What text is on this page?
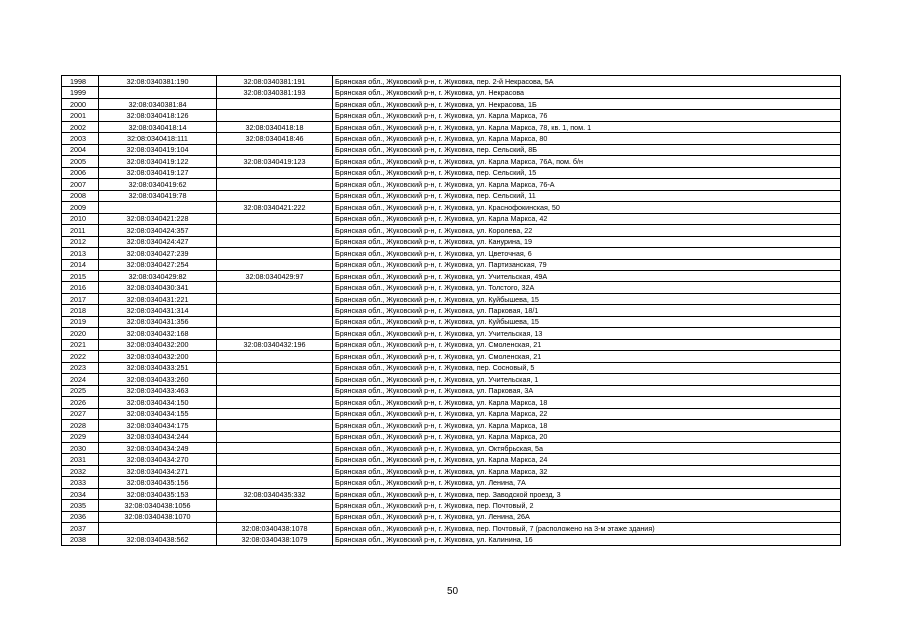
1998	32:08:0340381:190	32:08:0340381:191	Брянская обл., Жуковский р-н, г. Жуковка, пер. 2-й Некрасова, 5А
1999		32:08:0340381:193	Брянская обл., Жуковский р-н, г. Жуковка, ул. Некрасова
2000	32:08:0340381:84		Брянская обл., Жуковский р-н, г. Жуковка, ул. Некрасова, 1Б
2001	32:08:0340418:126		Брянская обл., Жуковский р-н, г. Жуковка, ул. Карла Маркса, 76
2002	32:08:0340418:14	32:08:0340418:18	Брянская обл., Жуковский р-н, г. Жуковка, ул. Карла Маркса, 78, кв. 1, пом. 1
2003	32:08:0340418:111	32:08:0340418:46	Брянская обл., Жуковский р-н, г. Жуковка, ул. Карла Маркса, 80
2004	32:08:0340419:104		Брянская обл., Жуковский р-н, г. Жуковка, пер. Сельский, 8Б
2005	32:08:0340419:122	32:08:0340419:123	Брянская обл., Жуковский р-н, г. Жуковка, ул. Карла Маркса, 76А, пом. б/н
2006	32:08:0340419:127		Брянская обл., Жуковский р-н, г. Жуковка, пер. Сельский, 15
2007	32:08:0340419:62		Брянская обл., Жуковский р-н, г. Жуковка, ул. Карла Маркса, 76-А
2008	32:08:0340419:78		Брянская обл., Жуковский р-н, г. Жуковка, пер. Сельский, 11
2009		32:08:0340421:222	Брянская обл., Жуковский р-н, г. Жуковка, ул. Краснофокинская, 50
2010	32:08:0340421:228		Брянская обл., Жуковский р-н, г. Жуковка, ул. Карла Маркса, 42
2011	32:08:0340424:357		Брянская обл., Жуковский р-н, г. Жуковка, ул. Королева, 22
2012	32:08:0340424:427		Брянская обл., Жуковский р-н, г. Жуковка, ул. Канурина, 19
2013	32:08:0340427:239		Брянская обл., Жуковский р-н, г. Жуковка, ул. Цветочная, 6
2014	32:08:0340427:254		Брянская обл., Жуковский р-н, г. Жуковка, ул. Партизанская, 79
2015	32:08:0340429:82	32:08:0340429:97	Брянская обл., Жуковский р-н, г. Жуковка, ул. Учительская, 49А
2016	32:08:0340430:341		Брянская обл., Жуковский р-н, г. Жуковка, ул. Толстого, 32А
2017	32:08:0340431:221		Брянская обл., Жуковский р-н, г. Жуковка, ул. Куйбышева, 15
2018	32:08:0340431:314		Брянская обл., Жуковский р-н, г. Жуковка, ул. Парковая, 18/1
2019	32:08:0340431:356		Брянская обл., Жуковский р-н, г. Жуковка, ул. Куйбышева, 15
2020	32:08:0340432:168		Брянская обл., Жуковский р-н, г. Жуковка, ул. Учительская, 13
2021	32:08:0340432:200	32:08:0340432:196	Брянская обл., Жуковский р-н, г. Жуковка, ул. Смоленская, 21
2022	32:08:0340432:200		Брянская обл., Жуковский р-н, г. Жуковка, ул. Смоленская, 21
2023	32:08:0340433:251		Брянская обл., Жуковский р-н, г. Жуковка, пер. Сосновый, 5
2024	32:08:0340433:260		Брянская обл., Жуковский р-н, г. Жуковка, ул. Учительская, 1
2025	32:08:0340433:463		Брянская обл., Жуковский р-н, г. Жуковка, ул. Парковая, 3А
2026	32:08:0340434:150		Брянская обл., Жуковский р-н, г. Жуковка, ул. Карла Маркса, 18
2027	32:08:0340434:155		Брянская обл., Жуковский р-н, г. Жуковка, ул. Карла Маркса, 22
2028	32:08:0340434:175		Брянская обл., Жуковский р-н, г. Жуковка, ул. Карла Маркса, 18
2029	32:08:0340434:244		Брянская обл., Жуковский р-н, г. Жуковка, ул. Карла Маркса, 20
2030	32:08:0340434:249		Брянская обл., Жуковский р-н, г. Жуковка, ул. Октябрьская, 5а
2031	32:08:0340434:270		Брянская обл., Жуковский р-н, г. Жуковка, ул. Карла Маркса, 24
2032	32:08:0340434:271		Брянская обл., Жуковский р-н, г. Жуковка, ул. Карла Маркса, 32
2033	32:08:0340435:156		Брянская обл., Жуковский р-н, г. Жуковка, ул. Ленина, 7А
2034	32:08:0340435:153	32:08:0340435:332	Брянская обл., Жуковский р-н, г. Жуковка, пер. Заводской проезд, 3
2035	32:08:0340438:1056		Брянская обл., Жуковский р-н, г. Жуковка, пер. Почтовый, 2
2036	32:08:0340438:1070		Брянская обл., Жуковский р-н, г. Жуковка, ул. Ленина, 26А
2037		32:08:0340438:1078	Брянская обл., Жуковский р-н, г. Жуковка, пер. Почтовый, 7 (расположено на 3-м этаже здания)
2038	32:08:0340438:562	32:08:0340438:1079	Брянская обл., Жуковский р-н, г. Жуковка, ул. Калинина, 16
50
